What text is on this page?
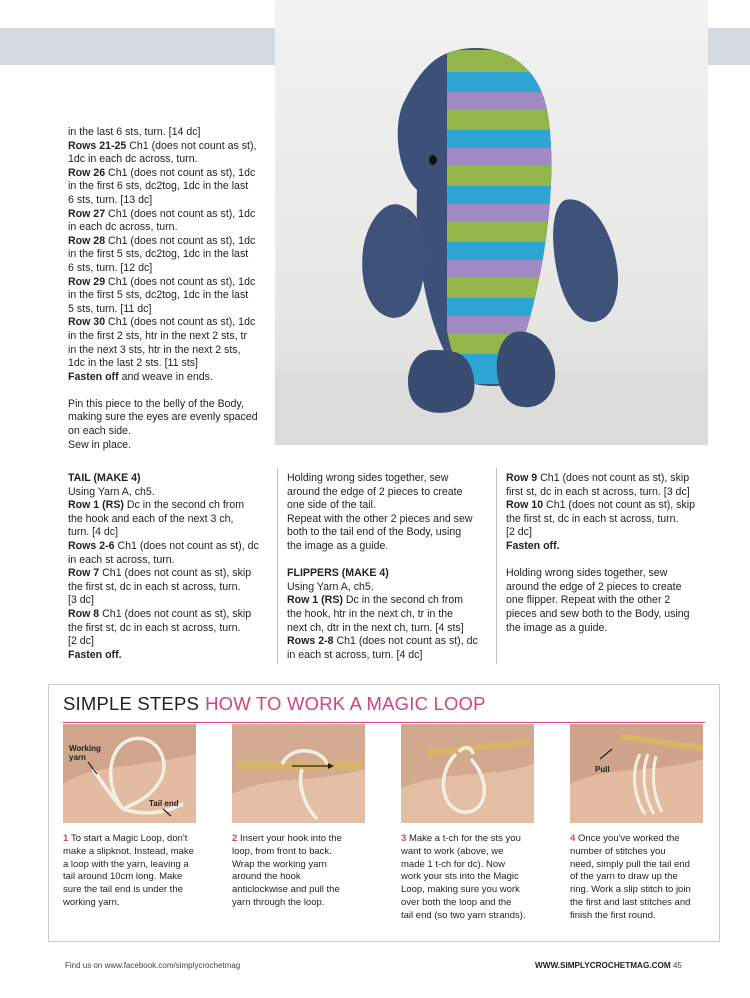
in the last 6 sts, turn. [14 dc]
Rows 21-25 Ch1 (does not count as st),
1dc in each dc across, turn.
Row 26 Ch1 (does not count as st), 1dc
in the first 6 sts, dc2tog, 1dc in the last
6 sts, turn. [13 dc]
Row 27 Ch1 (does not count as st), 1dc
in each dc across, turn.
Row 28 Ch1 (does not count as st), 1dc
in the first 5 sts, dc2tog, 1dc in the last
6 sts, turn. [12 dc]
Row 29 Ch1 (does not count as st), 1dc
in the first 5 sts, dc2tog, 1dc in the last
5 sts, turn. [11 dc]
Row 30 Ch1 (does not count as st), 1dc
in the first 2 sts, htr in the next 2 sts, tr
in the next 3 sts, htr in the next 2 sts,
1dc in the last 2 sts. [11 sts]
Fasten off and weave in ends.
Pin this piece to the belly of the Body,
making sure the eyes are evenly spaced
on each side.
Sew in place.
TAIL (MAKE 4)
Using Yarn A, ch5.
Row 1 (RS) Dc in the second ch from
the hook and each of the next 3 ch,
turn. [4 dc]
Rows 2-6 Ch1 (does not count as st), dc
in each st across, turn.
Row 7 Ch1 (does not count as st), skip
the first st, dc in each st across, turn.
[3 dc]
Row 8 Ch1 (does not count as st), skip
the first st, dc in each st across, turn.
[2 dc]
Fasten off.
Holding wrong sides together, sew
around the edge of 2 pieces to create
one side of the tail.
Repeat with the other 2 pieces and sew
both to the tail end of the Body, using
the image as a guide.
FLIPPERS (MAKE 4)
Using Yarn A, ch5.
Row 1 (RS) Dc in the second ch from
the hook, htr in the next ch, tr in the
next ch, dtr in the next ch, turn. [4 sts]
Rows 2-8 Ch1 (does not count as st), dc
in each st across, turn. [4 dc]
Row 9 Ch1 (does not count as st), skip
first st, dc in each st across, turn. [3 dc]
Row 10 Ch1 (does not count as st), skip
the first st, dc in each st across, turn.
[2 dc]
Fasten off.
Holding wrong sides together, sew
around the edge of 2 pieces to create
one flipper. Repeat with the other 2
pieces and sew both to the Body, using
the image as a guide.
SIMPLE STEPS HOW TO WORK A MAGIC LOOP
Working
yarn
Tail end
Pull
1 To start a Magic Loop, don't
make a slipknot. Instead, make
a loop with the yarn, leaving a
tail around 10cm long. Make
sure the tail end is under the
working yarn.
2 Insert your hook into the
loop, from front to back.
Wrap the working yarn
around the hook
anticlockwise and pull the
yarn through the loop.
3 Make a t-ch for the sts you
want to work (above, we
made 1 t-ch for dc). Now
work your sts into the Magic
Loop, making sure you work
over both the loop and the
tail end (so two yarn strands).
4 Once you've worked the
number of stitches you
need, simply pull the tail end
of the yarn to draw up the
ring. Work a slip stitch to join
the first and last stitches and
finish the first round.
Find us on www.facebook.com/simplycrochetmag	WWW.SIMPLYCROCHETMAG.COM 45
